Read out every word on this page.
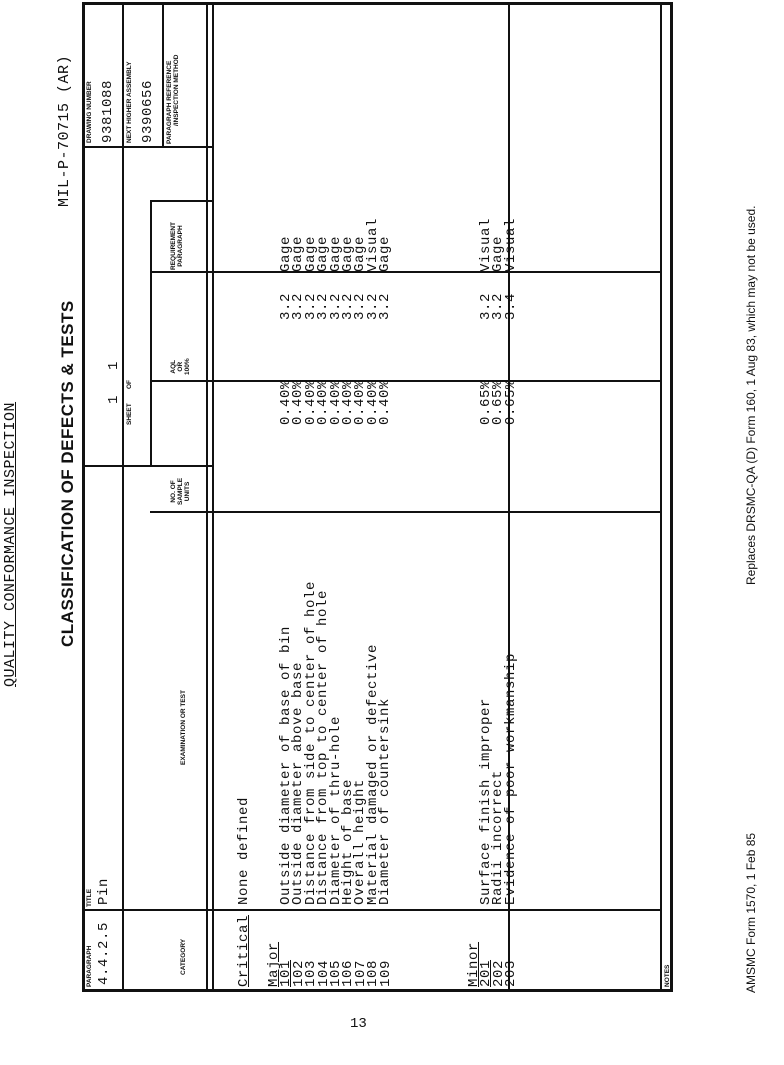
QUALITY CONFORMANCE INSPECTION
MIL-P-70715 (AR)
CLASSIFICATION OF DEFECTS & TESTS
PARAGRAPH
TITLE
DRAWING NUMBER	NEXT HIGHER ASSEMBLY
SHEET
OF
CATEGORY
EXAMINATION OR TEST
NO. OF SAMPLE UNITS
AQL OR 100%
REQUIREMENT PARAGRAPH
PARAGRAPH REFERENCE /INSPECTION METHOD
NOTES
4.4.2.5
Pin
1
1
9381088 9390656
Critical
None defined
Major
101
102
103
104
105
106
107
108
109
Outside diameter of base of bin
Outside diameter above base
Distance from side to center of hole
Distance from top to center of hole
Diameter of thru-hole
Height of base
Overall height
Material damaged or defective
Diameter of countersink
0.40%
0.40%
0.40%
0.40%
0.40%
0.40%
0.40%
0.40%
0.40%
3.2
3.2
3.2
3.2
3.2
3.2
3.2
3.2
3.2
Gage
Gage
Gage
Gage
Gage
Gage
Gage
Visual
Gage
Minor
201
202
203
Surface finish improper
Radii incorrect
Evidence of poor workmanship
0.65%
0.65%
0.65%
3.2
3.2
3.4
Visual
Gage
Visual
AMSMC Form 1570, 1 Feb 85
Replaces DRSMC-QA (D) Form 160, 1 Aug 83, which may not be used.
13
